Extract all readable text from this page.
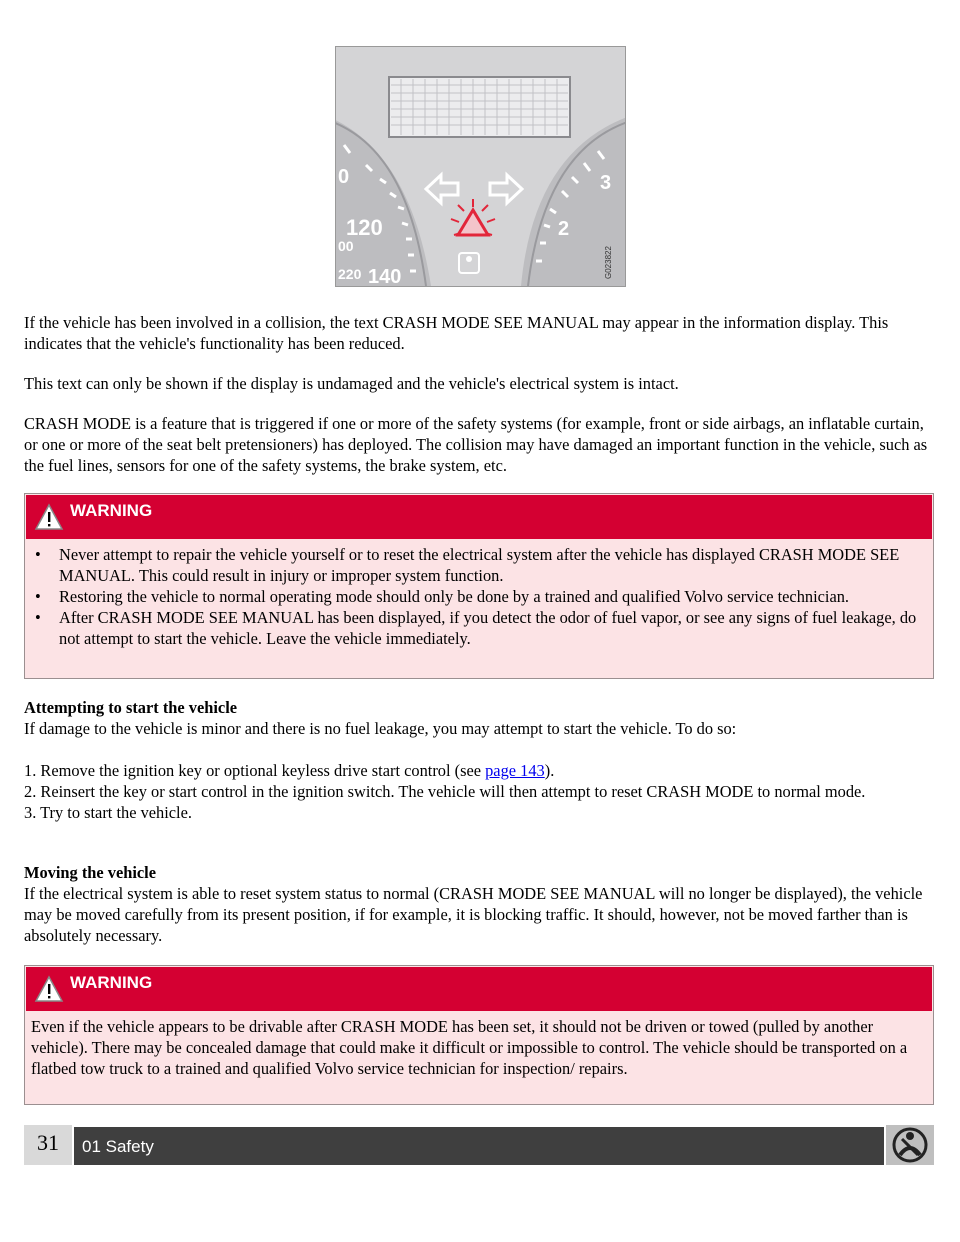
0
120
00
220 140
3
2
G023822

If the vehicle has been involved in a collision, the text CRASH MODE SEE MANUAL may appear in the information display. This indicates that the vehicle's functionality has been reduced.

This text can only be shown if the display is undamaged and the vehicle's electrical system is intact.

CRASH MODE is a feature that is triggered if one or more of the safety systems (for example, front or side airbags, an inflatable curtain, or one or more of the seat belt pretensioners) has deployed. The collision may have damaged an important function in the vehicle, such as the fuel lines, sensors for one of the safety systems, the brake system, etc.

WARNING
• Never attempt to repair the vehicle yourself or to reset the electrical system after the vehicle has displayed CRASH MODE SEE MANUAL. This could result in injury or improper system function.
• Restoring the vehicle to normal operating mode should only be done by a trained and qualified Volvo service technician.
• After CRASH MODE SEE MANUAL has been displayed, if you detect the odor of fuel vapor, or see any signs of fuel leakage, do not attempt to start the vehicle. Leave the vehicle immediately.

Attempting to start the vehicle

If damage to the vehicle is minor and there is no fuel leakage, you may attempt to start the vehicle. To do so:

1. Remove the ignition key or optional keyless drive start control (see page 143).

2. Reinsert the key or start control in the ignition switch. The vehicle will then attempt to reset CRASH MODE to normal mode.

3. Try to start the vehicle.

Moving the vehicle

If the electrical system is able to reset system status to normal (CRASH MODE SEE MANUAL will no longer be displayed), the vehicle may be moved carefully from its present position, if for example, it is blocking traffic. It should, however, not be moved farther than is absolutely necessary.

WARNING

Even if the vehicle appears to be drivable after CRASH MODE has been set, it should not be driven or towed (pulled by another vehicle). There may be concealed damage that could make it difficult or impossible to control. The vehicle should be transported on a flatbed tow truck to a trained and qualified Volvo service technician for inspection/ repairs.

31	01 Safety
